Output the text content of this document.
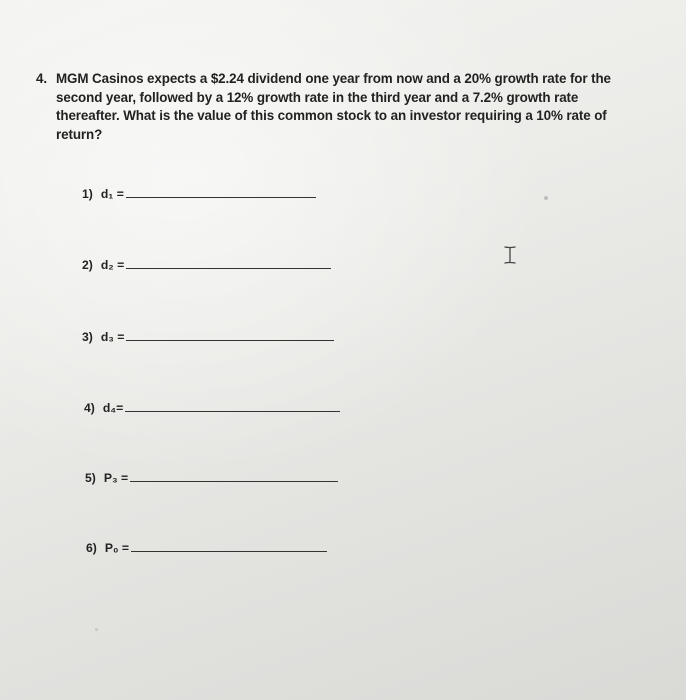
4. MGM Casinos expects a $2.24 dividend one year from now and a 20% growth rate for the second year, followed by a 12% growth rate in the third year and a 7.2% growth rate thereafter. What is the value of this common stock to an investor requiring a 10% rate of return?
1) d₁ =
2) d₂ =
3) d₃ =
4) d₄=
5) P₃ =
6) P₀ =
